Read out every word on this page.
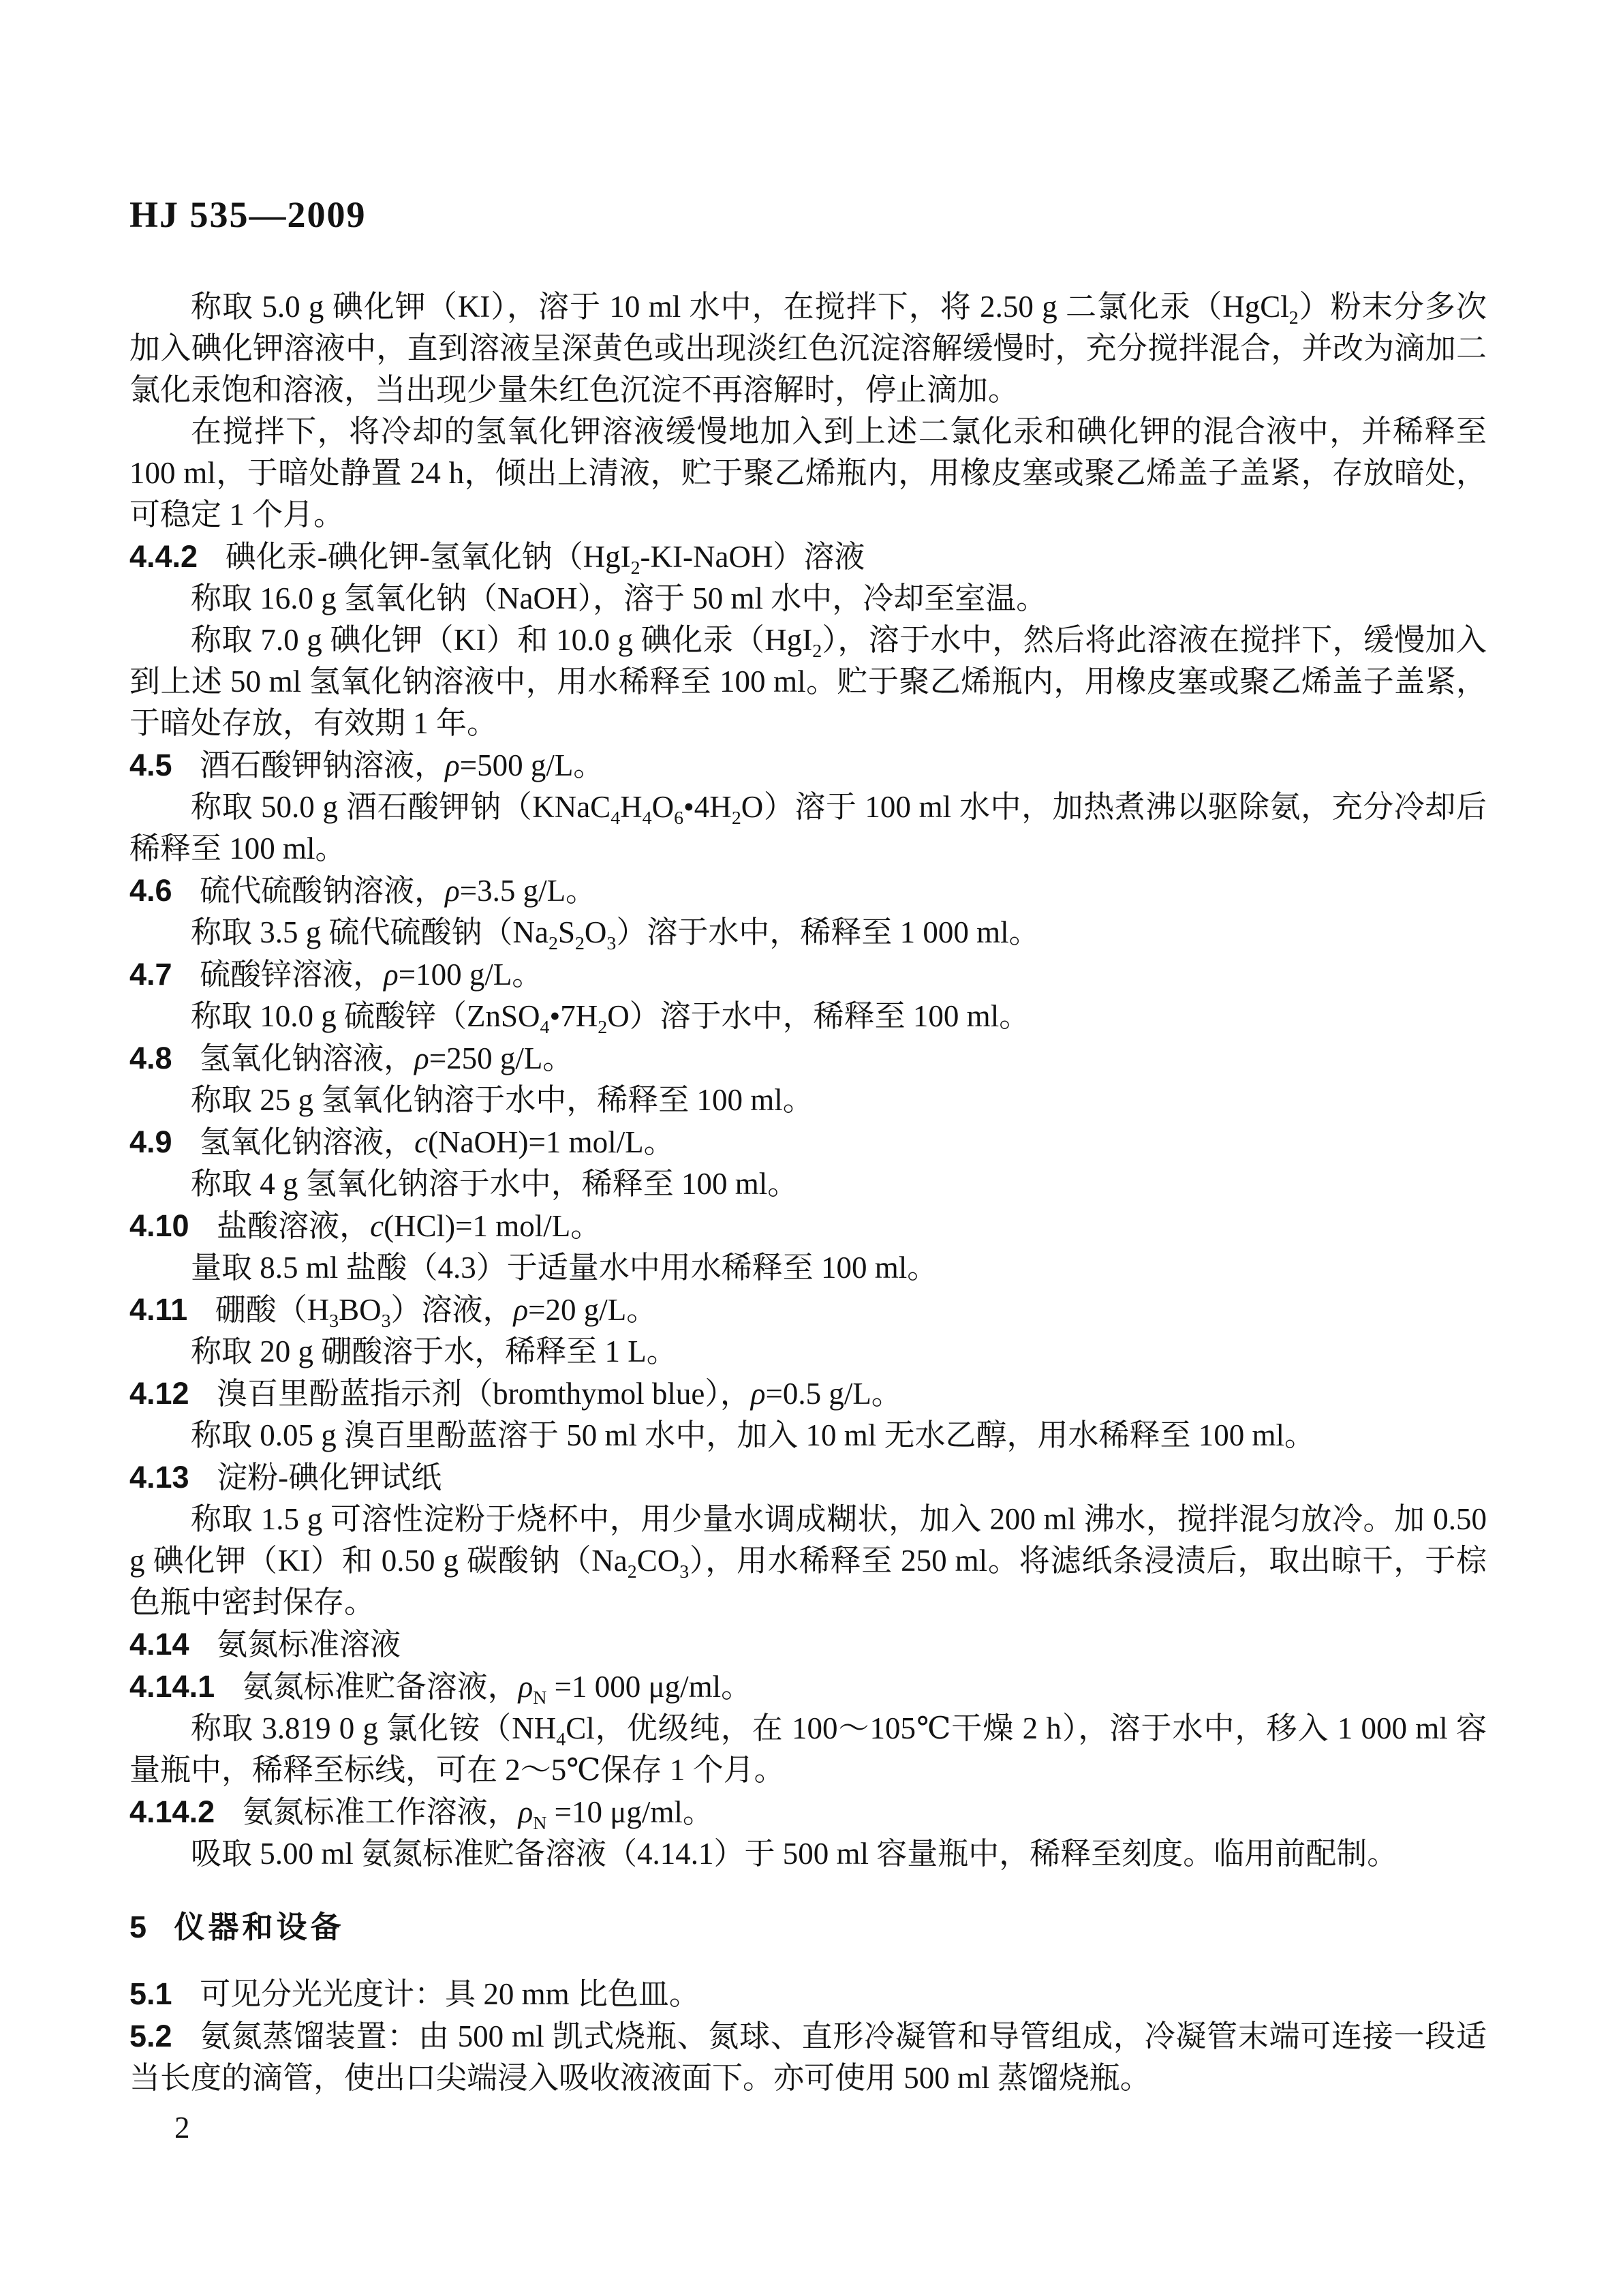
HJ 535—2009

称取 5.0 g 碘化钾（KI），溶于 10 ml 水中，在搅拌下，将 2.50 g 二氯化汞（HgCl$_2$）粉末分多次加入碘化钾溶液中，直到溶液呈深黄色或出现淡红色沉淀溶解缓慢时，充分搅拌混合，并改为滴加二氯化汞饱和溶液，当出现少量朱红色沉淀不再溶解时，停止滴加。

在搅拌下，将冷却的氢氧化钾溶液缓慢地加入到上述二氯化汞和碘化钾的混合液中，并稀释至 100 ml，于暗处静置 24 h，倾出上清液，贮于聚乙烯瓶内，用橡皮塞或聚乙烯盖子盖紧，存放暗处，可稳定 1 个月。

4.4.2 碘化汞-碘化钾-氢氧化钠（HgI$_2$-KI-NaOH）溶液

称取 16.0 g 氢氧化钠（NaOH），溶于 50 ml 水中，冷却至室温。

称取 7.0 g 碘化钾（KI）和 10.0 g 碘化汞（HgI$_2$），溶于水中，然后将此溶液在搅拌下，缓慢加入到上述 50 ml 氢氧化钠溶液中，用水稀释至 100 ml。贮于聚乙烯瓶内，用橡皮塞或聚乙烯盖子盖紧，于暗处存放，有效期 1 年。

4.5 酒石酸钾钠溶液，ρ=500 g/L。

称取 50.0 g 酒石酸钾钠$(KNaC_4H_4O_6•4H_2O)$溶于 100 ml 水中，加热煮沸以驱除氨，充分冷却后稀释至 100 ml。

4.6 硫代硫酸钠溶液，ρ=3.5 g/L。

称取 3.5 g 硫代硫酸钠$(Na_2S_2O_3)$溶于水中，稀释至 1 000 ml。

4.7 硫酸锌溶液，ρ=100 g/L。

称取 10.0 g 硫酸锌$(ZnSO_4•7H_2O)$溶于水中，稀释至 100 ml。

4.8 氢氧化钠溶液，ρ=250 g/L。

称取 25 g 氢氧化钠溶于水中，稀释至 100 ml。

4.9 氢氧化钠溶液，c(NaOH)=1 mol/L。

称取 4 g 氢氧化钠溶于水中，稀释至 100 ml。

4.10 盐酸溶液，c(HCl)=1 mol/L。

量取 8.5 ml 盐酸（4.3）于适量水中用水稀释至 100 ml。

4.11 硼酸$(H_3BO_3)$溶液，ρ=20 g/L。

称取 20 g 硼酸溶于水，稀释至 1 L。

4.12 溴百里酚蓝指示剂（bromthymol blue），ρ=0.5 g/L。

称取 0.05 g 溴百里酚蓝溶于 50 ml 水中，加入 10 ml 无水乙醇，用水稀释至 100 ml。

4.13 淀粉-碘化钾试纸

称取 1.5 g 可溶性淀粉于烧杯中，用少量水调成糊状，加入 200 ml 沸水，搅拌混匀放冷。加 0.50 g 碘化钾（KI）和 0.50 g 碳酸钠$(Na_2CO_3)$，用水稀释至 250 ml。将滤纸条浸渍后，取出晾干，于棕色瓶中密封保存。

4.14 氨氮标准溶液

4.14.1 氨氮标准贮备溶液，$\rho_N =1$ 000 μg/ml。

称取 3.819 0 g 氯化铵（$NH_4Cl$，优级纯，在 100～105℃干燥 2 h），溶于水中，移入 1 000 ml 容量瓶中，稀释至标线，可在 2～5℃保存 1 个月。

4.14.2 氨氮标准工作溶液，$\rho_N =10$ μg/ml。

吸取 5.00 ml 氨氮标准贮备溶液（4.14.1）于 500 ml 容量瓶中，稀释至刻度。临用前配制。

5 仪器和设备

5.1 可见分光光度计：具 20 mm 比色皿。

5.2 氨氮蒸馏装置：由 500 ml 凯式烧瓶、氮球、直形冷凝管和导管组成，冷凝管末端可连接一段适当长度的滴管，使出口尖端浸入吸收液液面下。亦可使用 500 ml 蒸馏烧瓶。

2
